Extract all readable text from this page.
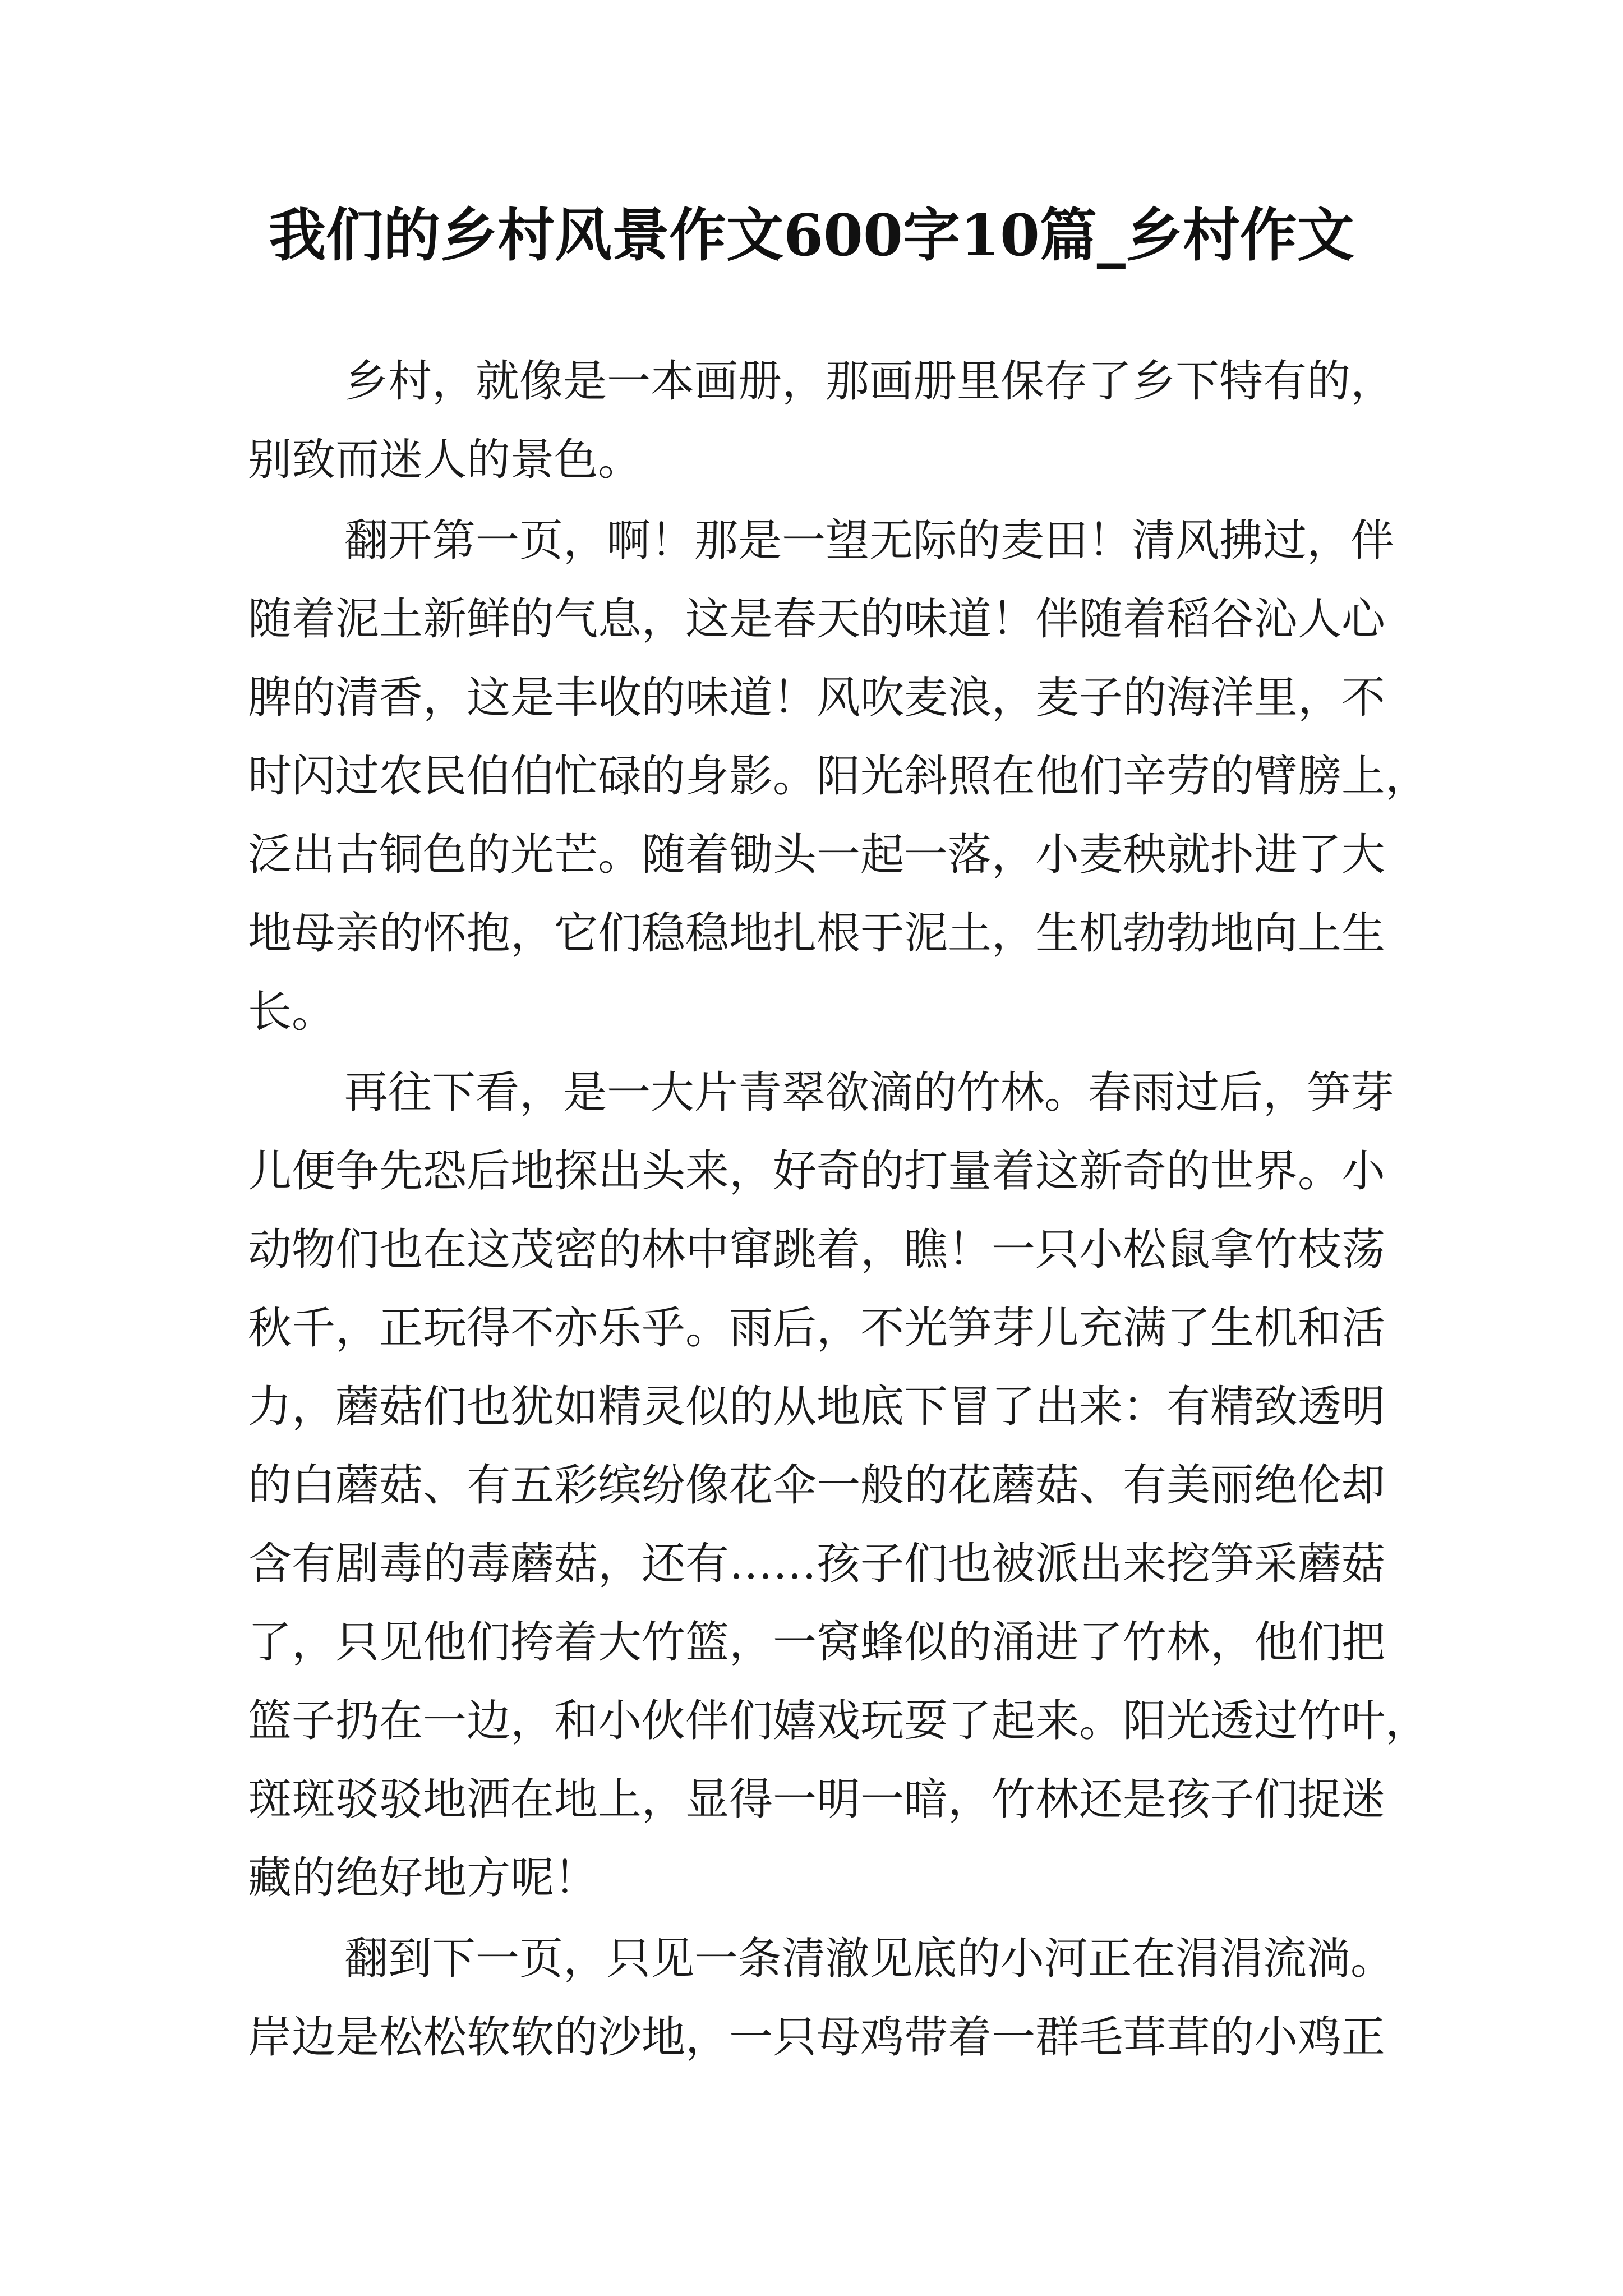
我们的乡村风景作文600字10篇_乡村作文
乡村，就像是一本画册，那画册里保存了乡下特有的，
别致而迷人的景色。
翻开第一页，啊！那是一望无际的麦田！清风拂过，伴
随着泥土新鲜的气息，这是春天的味道！伴随着稻谷沁人心
脾的清香，这是丰收的味道！风吹麦浪，麦子的海洋里，不
时闪过农民伯伯忙碌的身影。阳光斜照在他们辛劳的臂膀上，
泛出古铜色的光芒。随着锄头一起一落，小麦秧就扑进了大
地母亲的怀抱，它们稳稳地扎根于泥土，生机勃勃地向上生
长。
再往下看，是一大片青翠欲滴的竹林。春雨过后，笋芽
儿便争先恐后地探出头来，好奇的打量着这新奇的世界。小
动物们也在这茂密的林中窜跳着，瞧！一只小松鼠拿竹枝荡
秋千，正玩得不亦乐乎。雨后，不光笋芽儿充满了生机和活
力，蘑菇们也犹如精灵似的从地底下冒了出来：有精致透明
的白蘑菇、有五彩缤纷像花伞一般的花蘑菇、有美丽绝伦却
含有剧毒的毒蘑菇，还有……孩子们也被派出来挖笋采蘑菇
了，只见他们挎着大竹篮，一窝蜂似的涌进了竹林，他们把
篮子扔在一边，和小伙伴们嬉戏玩耍了起来。阳光透过竹叶，
斑斑驳驳地洒在地上，显得一明一暗，竹林还是孩子们捉迷
藏的绝好地方呢！
翻到下一页，只见一条清澈见底的小河正在涓涓流淌。
岸边是松松软软的沙地，一只母鸡带着一群毛茸茸的小鸡正
